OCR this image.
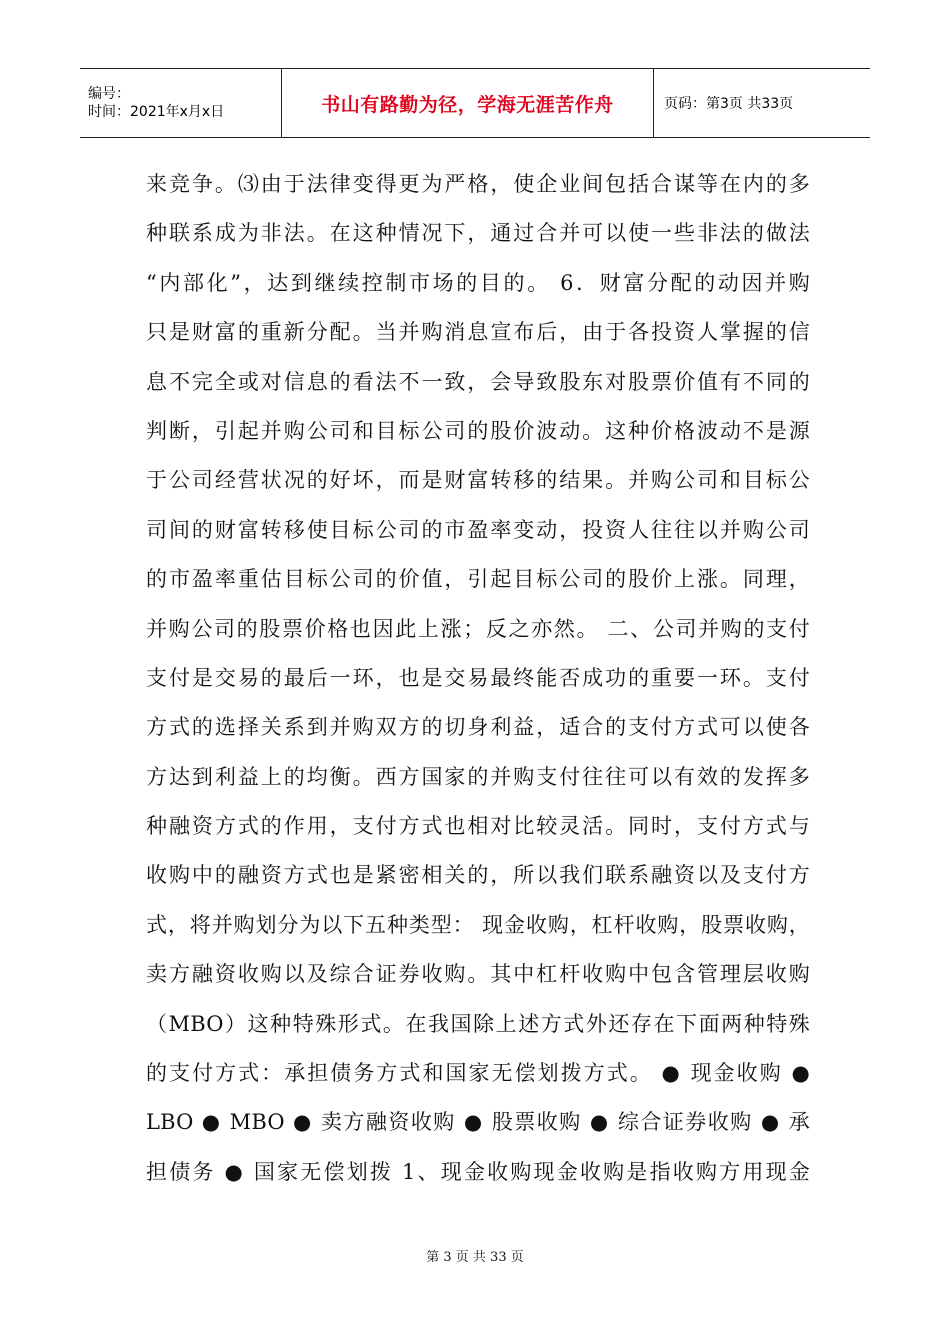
编号：
时间：2021年x月x日	书山有路勤为径，学海无涯苦作舟	页码：第3页 共33页
来竞争。⑶由于法律变得更为严格，使企业间包括合谋等在内的多
种联系成为非法。在这种情况下，通过合并可以使一些非法的做法
“内部化”，达到继续控制市场的目的。 6．财富分配的动因并购
只是财富的重新分配。当并购消息宣布后，由于各投资人掌握的信
息不完全或对信息的看法不一致，会导致股东对股票价值有不同的
判断，引起并购公司和目标公司的股价波动。这种价格波动不是源
于公司经营状况的好坏，而是财富转移的结果。并购公司和目标公
司间的财富转移使目标公司的市盈率变动，投资人往往以并购公司
的市盈率重估目标公司的价值，引起目标公司的股价上涨。同理，
并购公司的股票价格也因此上涨；反之亦然。 二、公司并购的支付
支付是交易的最后一环，也是交易最终能否成功的重要一环。支付
方式的选择关系到并购双方的切身利益，适合的支付方式可以使各
方达到利益上的均衡。西方国家的并购支付往往可以有效的发挥多
种融资方式的作用，支付方式也相对比较灵活。同时，支付方式与
收购中的融资方式也是紧密相关的，所以我们联系融资以及支付方
式，将并购划分为以下五种类型： 现金收购，杠杆收购，股票收购，
卖方融资收购以及综合证券收购。其中杠杆收购中包含管理层收购
（MBO）这种特殊形式。在我国除上述方式外还存在下面两种特殊
的支付方式：承担债务方式和国家无偿划拨方式。 ● 现金收购 ●
LBO ● MBO ● 卖方融资收购 ● 股票收购 ● 综合证券收购 ● 承
担债务 ● 国家无偿划拨 1、现金收购现金收购是指收购方用现金
第 3 页 共 33 页
